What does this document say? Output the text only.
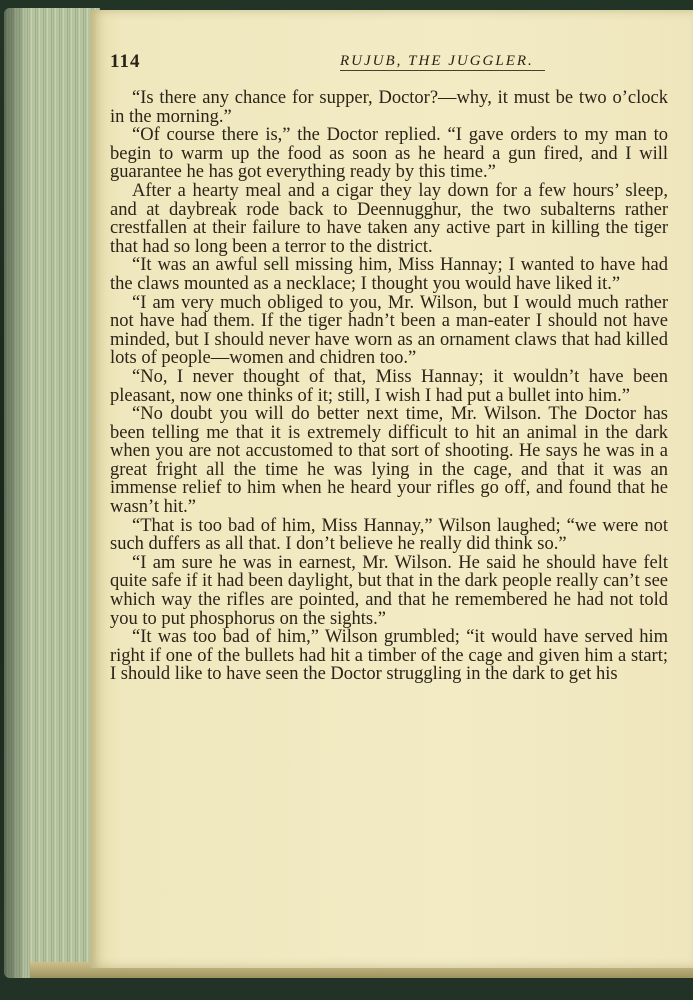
114	RUJUB, THE JUGGLER.

“Is there any chance for supper, Doctor?—why, it must be two o’clock in the morning.”

“Of course there is,” the Doctor replied. “I gave orders to my man to begin to warm up the food as soon as he heard a gun fired, and I will guarantee he has got everything ready by this time.”

After a hearty meal and a cigar they lay down for a few hours’ sleep, and at daybreak rode back to Deennugghur, the two subalterns rather crestfallen at their failure to have taken any active part in killing the tiger that had so long been a terror to the district.

“It was an awful sell missing him, Miss Hannay; I wanted to have had the claws mounted as a necklace; I thought you would have liked it.”

“I am very much obliged to you, Mr. Wilson, but I would much rather not have had them. If the tiger hadn’t been a man-eater I should not have minded, but I should never have worn as an ornament claws that had killed lots of people—women and chidren too.”

“No, I never thought of that, Miss Hannay; it wouldn’t have been pleasant, now one thinks of it; still, I wish I had put a bullet into him.”

“No doubt you will do better next time, Mr. Wilson. The Doctor has been telling me that it is extremely difficult to hit an animal in the dark when you are not accustomed to that sort of shooting. He says he was in a great fright all the time he was lying in the cage, and that it was an immense relief to him when he heard your rifles go off, and found that he wasn’t hit.”

“That is too bad of him, Miss Hannay,” Wilson laughed; “we were not such duffers as all that. I don’t believe he really did think so.”

“I am sure he was in earnest, Mr. Wilson. He said he should have felt quite safe if it had been daylight, but that in the dark people really can’t see which way the rifles are pointed, and that he remembered he had not told you to put phosphorus on the sights.”

“It was too bad of him,” Wilson grumbled; “it would have served him right if one of the bullets had hit a timber of the cage and given him a start; I should like to have seen the Doctor struggling in the dark to get his
